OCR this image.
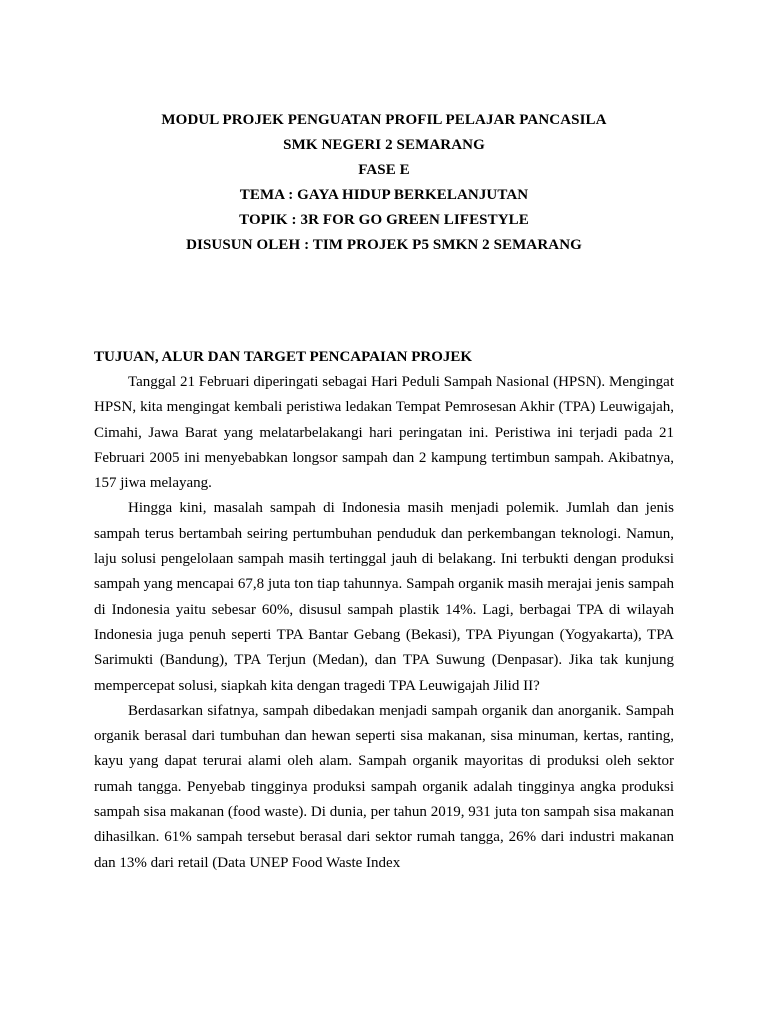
MODUL PROJEK PENGUATAN PROFIL PELAJAR PANCASILA
SMK NEGERI 2 SEMARANG
FASE E
TEMA : GAYA HIDUP BERKELANJUTAN
TOPIK : 3R FOR GO GREEN LIFESTYLE
DISUSUN OLEH : TIM PROJEK P5 SMKN 2 SEMARANG
TUJUAN, ALUR DAN TARGET PENCAPAIAN PROJEK

Tanggal 21 Februari diperingati sebagai Hari Peduli Sampah Nasional (HPSN). Mengingat HPSN, kita mengingat kembali peristiwa ledakan Tempat Pemrosesan Akhir (TPA) Leuwigajah, Cimahi, Jawa Barat yang melatarbelakangi hari peringatan ini. Peristiwa ini terjadi pada 21 Februari 2005 ini menyebabkan longsor sampah dan 2 kampung tertimbun sampah. Akibatnya, 157 jiwa melayang.

Hingga kini, masalah sampah di Indonesia masih menjadi polemik. Jumlah dan jenis sampah terus bertambah seiring pertumbuhan penduduk dan perkembangan teknologi. Namun, laju solusi pengelolaan sampah masih tertinggal jauh di belakang. Ini terbukti dengan produksi sampah yang mencapai 67,8 juta ton tiap tahunnya. Sampah organik masih merajai jenis sampah di Indonesia yaitu sebesar 60%, disusul sampah plastik 14%. Lagi, berbagai TPA di wilayah Indonesia juga penuh seperti TPA Bantar Gebang (Bekasi), TPA Piyungan (Yogyakarta), TPA Sarimukti (Bandung), TPA Terjun (Medan), dan TPA Suwung (Denpasar). Jika tak kunjung mempercepat solusi, siapkah kita dengan tragedi TPA Leuwigajah Jilid II?

Berdasarkan sifatnya, sampah dibedakan menjadi sampah organik dan anorganik. Sampah organik berasal dari tumbuhan dan hewan seperti sisa makanan, sisa minuman, kertas, ranting, kayu yang dapat terurai alami oleh alam. Sampah organik mayoritas di produksi oleh sektor rumah tangga. Penyebab tingginya produksi sampah organik adalah tingginya angka produksi sampah sisa makanan (food waste). Di dunia, per tahun 2019, 931 juta ton sampah sisa makanan dihasilkan. 61% sampah tersebut berasal dari sektor rumah tangga, 26% dari industri makanan dan 13% dari retail (Data UNEP Food Waste Index
